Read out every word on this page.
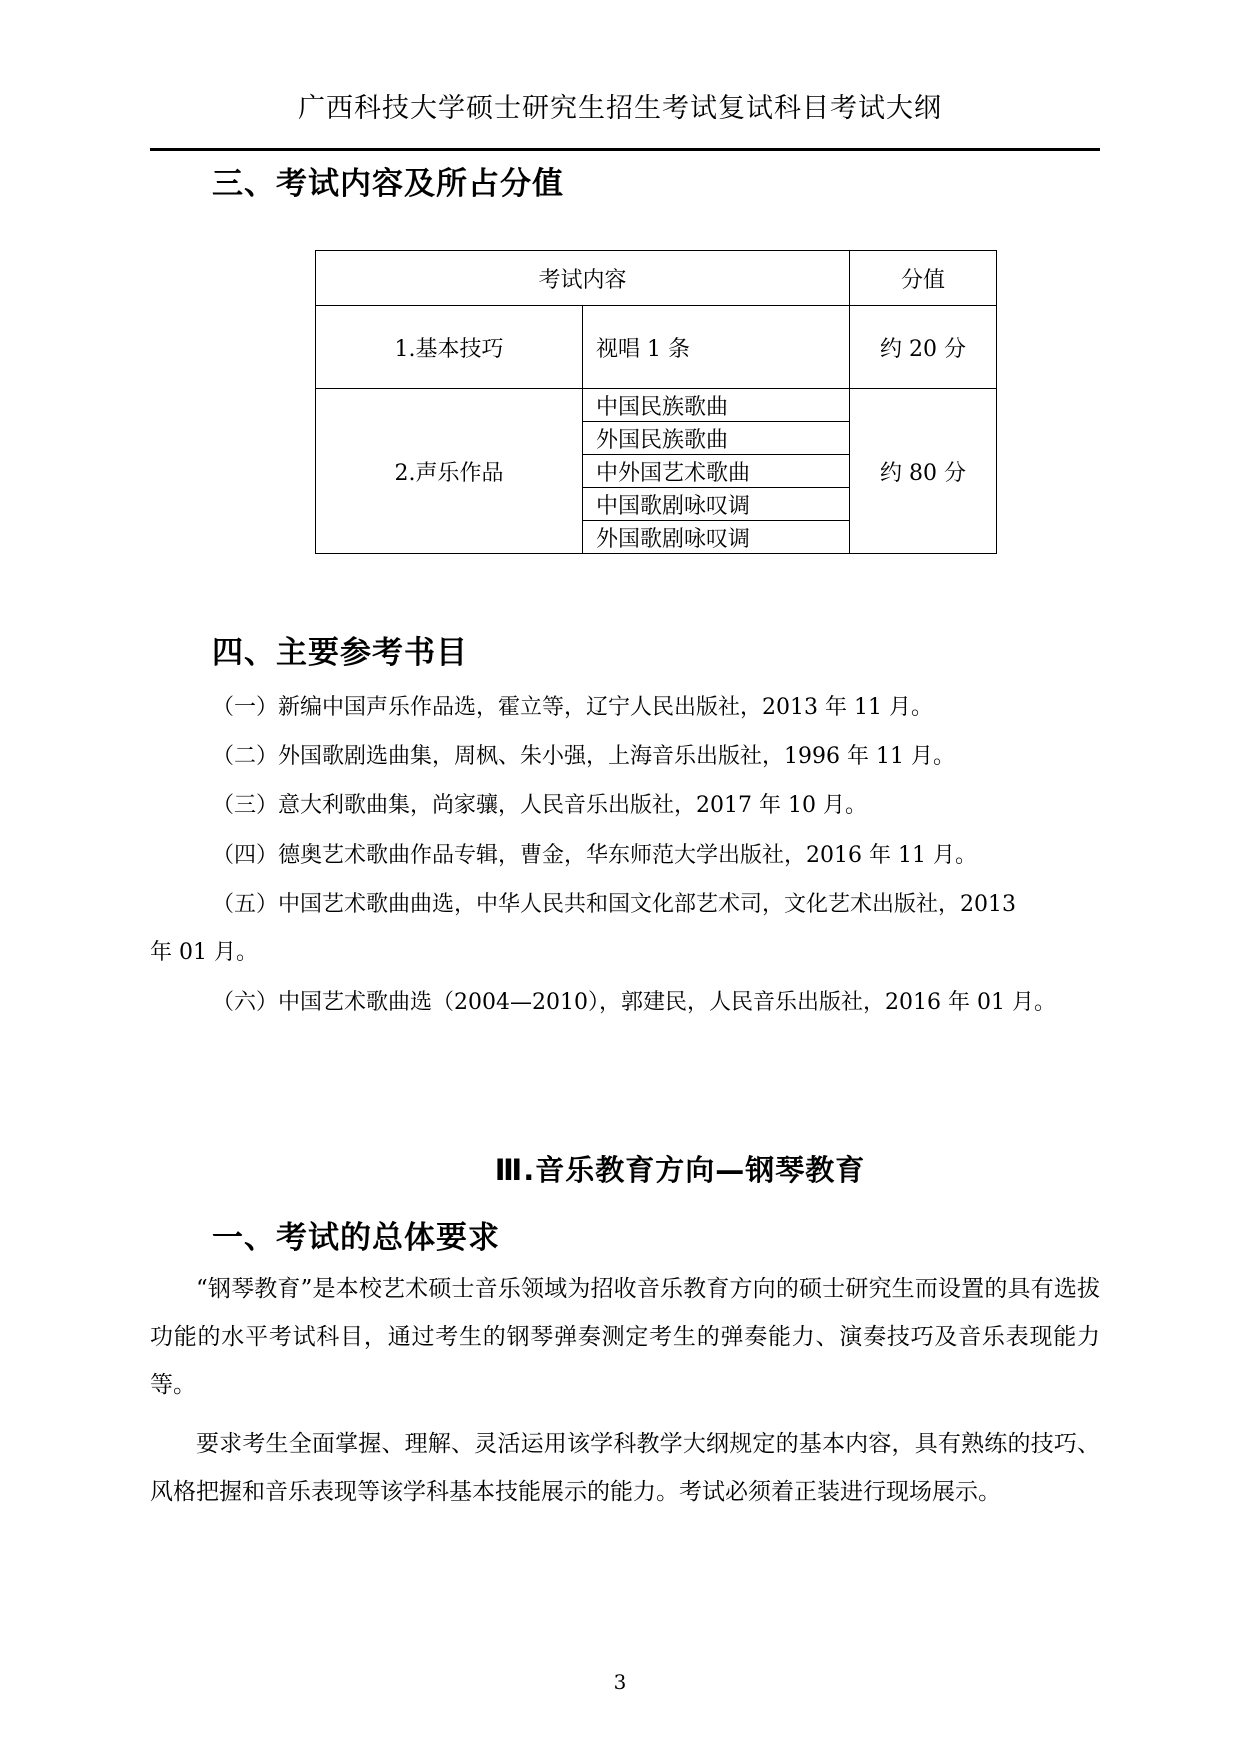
广西科技大学硕士研究生招生考试复试科目考试大纲
三、考试内容及所占分值
考试内容		分值
1.基本技巧	视唱 1 条	约 20 分
2.声乐作品	中国民族歌曲	约 80 分
	外国民族歌曲	
	中外国艺术歌曲	
	中国歌剧咏叹调	
	外国歌剧咏叹调	
四、主要参考书目
（一）新编中国声乐作品选，霍立等，辽宁人民出版社，2013 年 11 月。
（二）外国歌剧选曲集，周枫、朱小强，上海音乐出版社，1996 年 11 月。
（三）意大利歌曲集，尚家骧，人民音乐出版社，2017 年 10 月。
（四）德奥艺术歌曲作品专辑，曹金，华东师范大学出版社，2016 年 11 月。
（五）中国艺术歌曲曲选，中华人民共和国文化部艺术司，文化艺术出版社，2013
年 01 月。
（六）中国艺术歌曲选（2004—2010），郭建民，人民音乐出版社，2016 年 01 月。
Ⅲ.音乐教育方向—钢琴教育
一、考试的总体要求
“钢琴教育”是本校艺术硕士音乐领域为招收音乐教育方向的硕士研究生而设置的具有选拔功能的水平考试科目，通过考生的钢琴弹奏测定考生的弹奏能力、演奏技巧及音乐表现能力等。
要求考生全面掌握、理解、灵活运用该学科教学大纲规定的基本内容，具有熟练的技巧、风格把握和音乐表现等该学科基本技能展示的能力。考试必须着正装进行现场展示。
3
